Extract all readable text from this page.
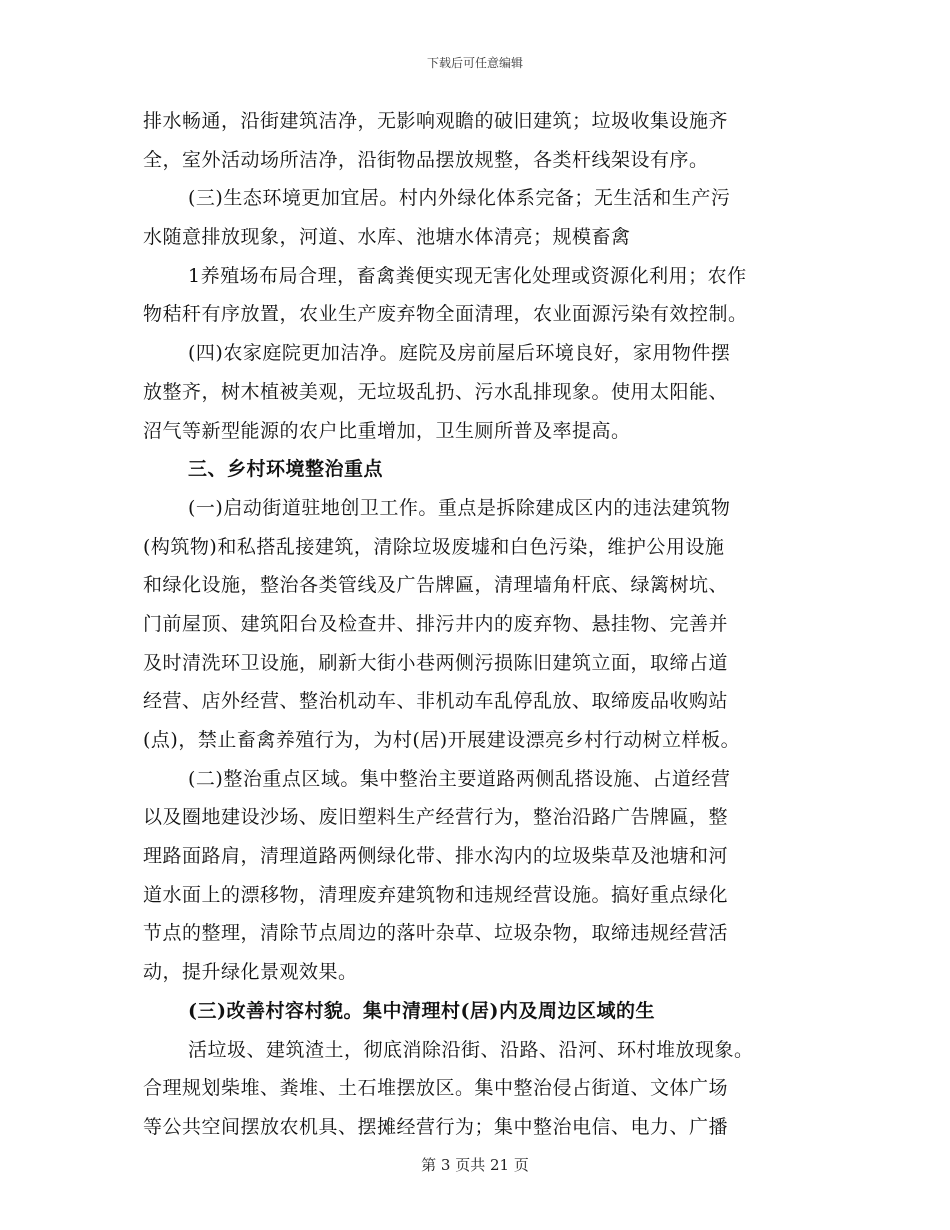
下载后可任意编辑
排水畅通，沿街建筑洁净，无影响观瞻的破旧建筑；垃圾收集设施齐
全，室外活动场所洁净，沿街物品摆放规整，各类杆线架设有序。
(三)生态环境更加宜居。村内外绿化体系完备；无生活和生产污
水随意排放现象，河道、水库、池塘水体清亮；规模畜禽
1养殖场布局合理，畜禽粪便实现无害化处理或资源化利用；农作
物秸秆有序放置，农业生产废弃物全面清理，农业面源污染有效控制。
(四)农家庭院更加洁净。庭院及房前屋后环境良好，家用物件摆
放整齐，树木植被美观，无垃圾乱扔、污水乱排现象。使用太阳能、
沼气等新型能源的农户比重增加，卫生厕所普及率提高。
三、乡村环境整治重点
(一)启动街道驻地创卫工作。重点是拆除建成区内的违法建筑物
(构筑物)和私搭乱接建筑，清除垃圾废墟和白色污染，维护公用设施
和绿化设施，整治各类管线及广告牌匾，清理墙角杆底、绿篱树坑、
门前屋顶、建筑阳台及检查井、排污井内的废弃物、悬挂物、完善并
及时清洗环卫设施，刷新大街小巷两侧污损陈旧建筑立面，取缔占道
经营、店外经营、整治机动车、非机动车乱停乱放、取缔废品收购站
(点)，禁止畜禽养殖行为，为村(居)开展建设漂亮乡村行动树立样板。
(二)整治重点区域。集中整治主要道路两侧乱搭设施、占道经营
以及圈地建设沙场、废旧塑料生产经营行为，整治沿路广告牌匾，整
理路面路肩，清理道路两侧绿化带、排水沟内的垃圾柴草及池塘和河
道水面上的漂移物，清理废弃建筑物和违规经营设施。搞好重点绿化
节点的整理，清除节点周边的落叶杂草、垃圾杂物，取缔违规经营活
动，提升绿化景观效果。
(三)改善村容村貌。集中清理村(居)内及周边区域的生
活垃圾、建筑渣土，彻底消除沿街、沿路、沿河、环村堆放现象。
合理规划柴堆、粪堆、土石堆摆放区。集中整治侵占街道、文体广场
等公共空间摆放农机具、摆摊经营行为；集中整治电信、电力、广播
第 3 页共 21 页
